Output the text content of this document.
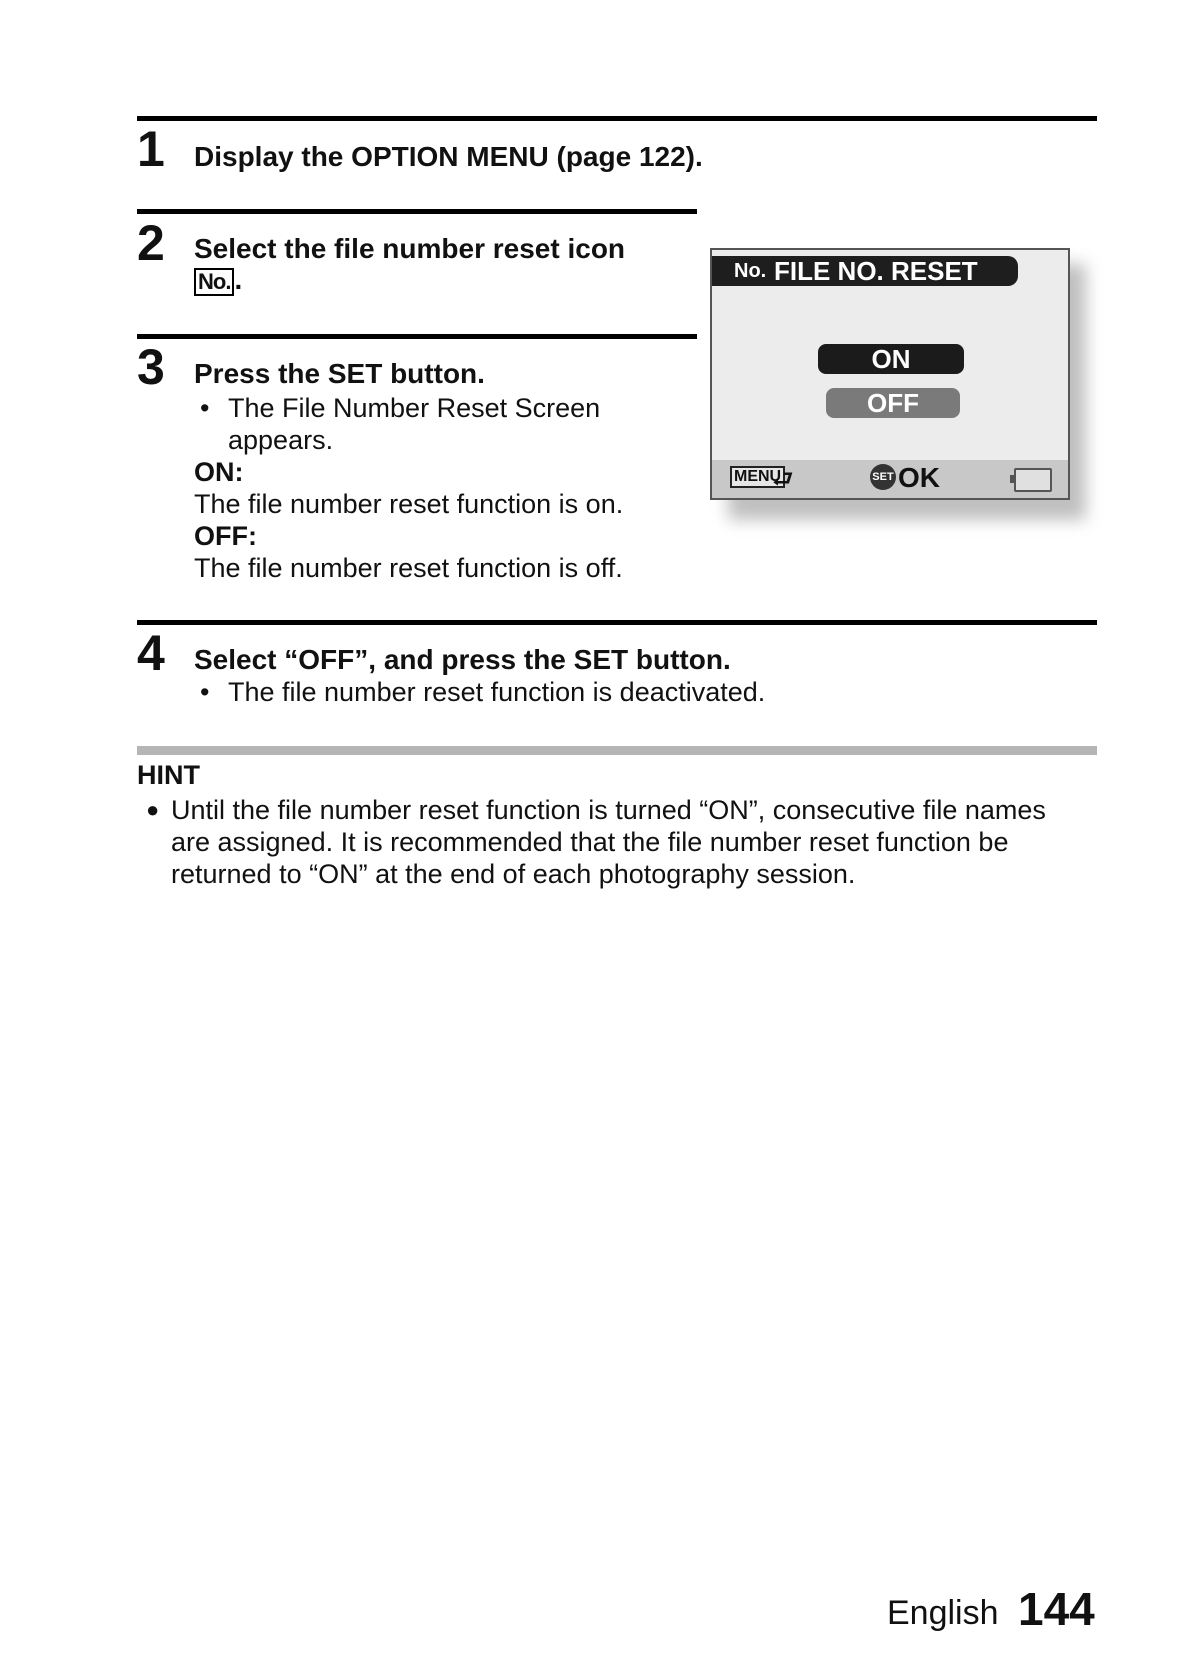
1 Display the OPTION MENU (page 122).
2 Select the file number reset icon
No. .
3 Press the SET button.
• The File Number Reset Screen
appears.
ON:
The file number reset function is on.
OFF:
The file number reset function is off.
No. FILE NO. RESET
ON
OFF
MENU
⮐	SET OK
4 Select “OFF”, and press the SET button.
• The file number reset function is deactivated.
HINT
● Until the file number reset function is turned “ON”, consecutive file names
are assigned. It is recommended that the file number reset function be
returned to “ON” at the end of each photography session.
English 144
